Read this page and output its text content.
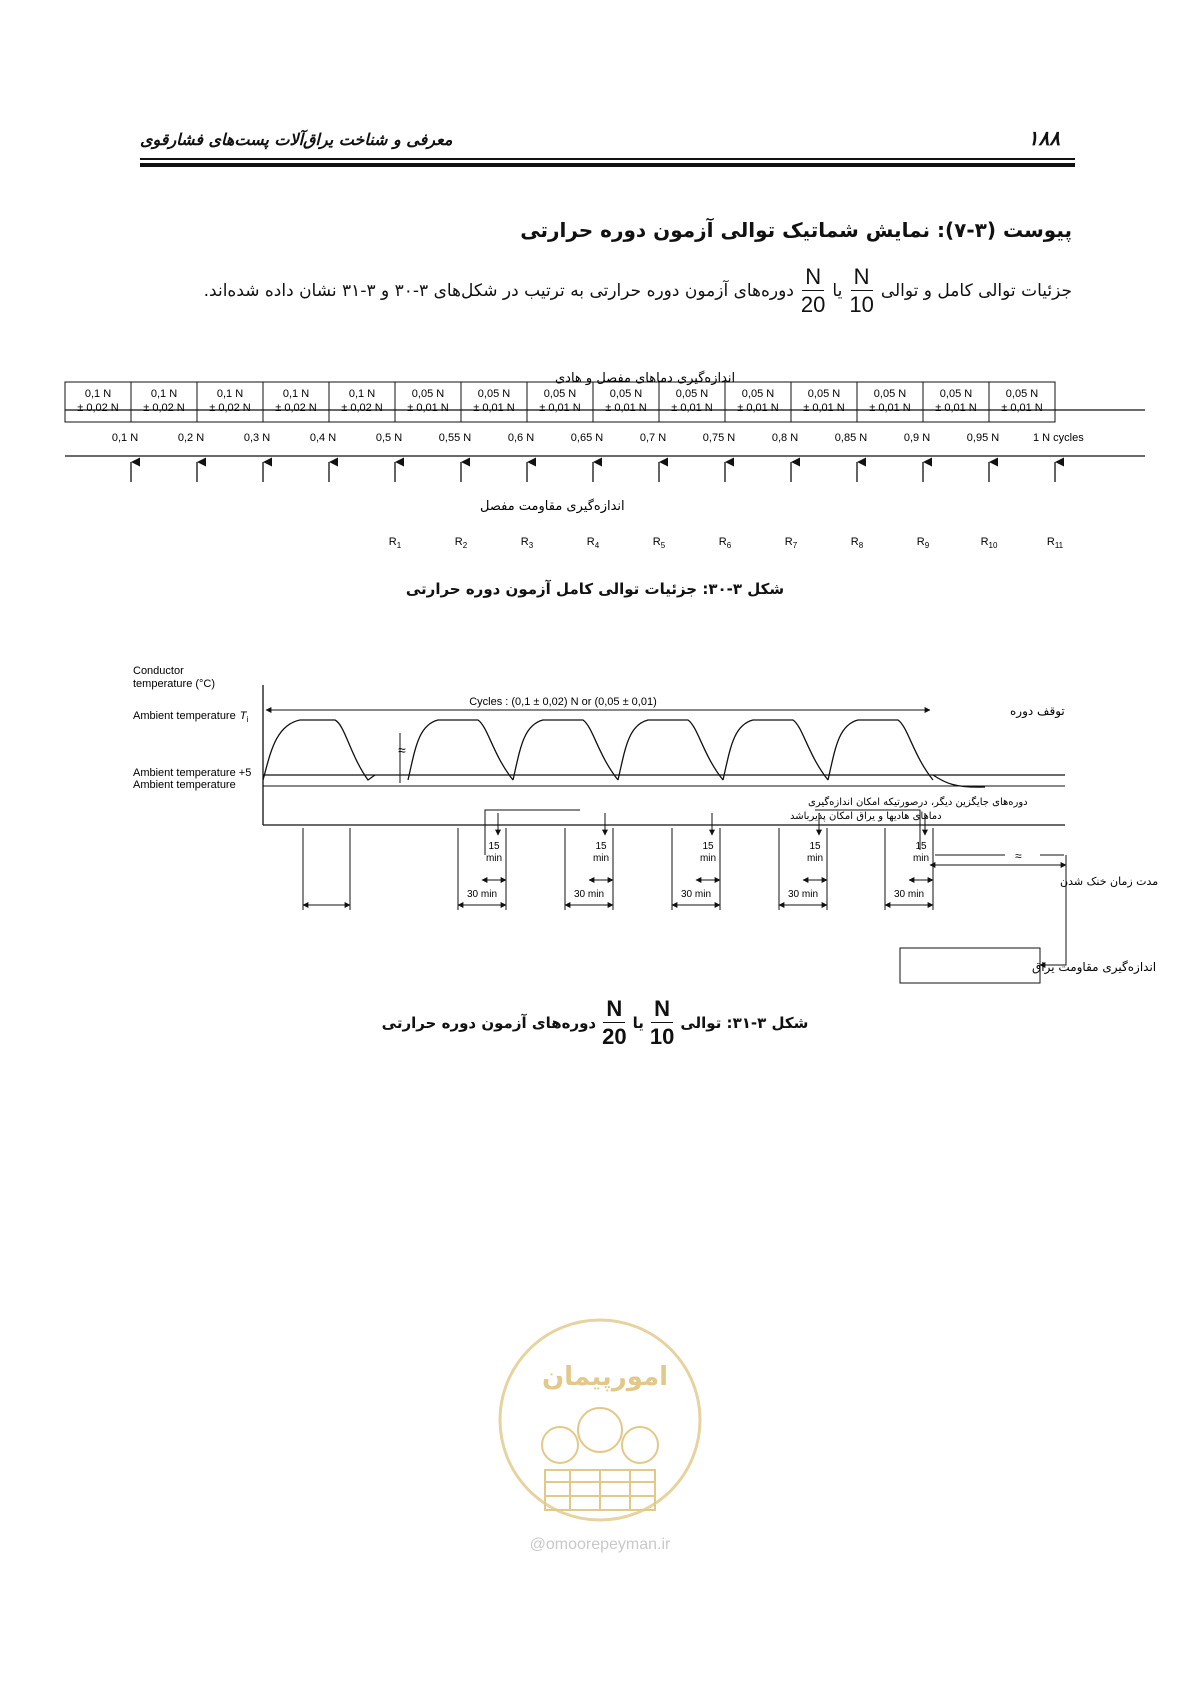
معرفی و شناخت یراق‌آلات پست‌های فشارقوی	۱۸۸
پیوست (۳-۷): نمایش شماتیک توالی آزمون دوره حرارتی
جزئیات توالی کامل و توالی
$\frac{N}{10}$
یا
$\frac{N}{20}$
دوره‌های آزمون دوره حرارتی به ترتیب در شکل‌های ۳-۳۰ و ۳-۳۱ نشان داده شده‌اند.
اندازه‌گیری دماهای مفصل و هادی
0,1 N
± 0,02 N
0,1 N
± 0,02 N
0,1 N
± 0,02 N
0,1 N
± 0,02 N
0,1 N
± 0,02 N
0,05 N
± 0,01 N
0,05 N
± 0,01 N
0,05 N
± 0,01 N
0,05 N
± 0,01 N
0,05 N
± 0,01 N
0,05 N
± 0,01 N
0,05 N
± 0,01 N
0,05 N
± 0,01 N
0,05 N
± 0,01 N
0,05 N
± 0,01 N
0,1 N	0,2 N	0,3 N	0,4 N	0,5 N	0,55 N	0,6 N	0,65 N	0,7 N	0,75 N	0,8 N	0,85 N	0,9 N	0,95 N	1 N cycles
اندازه‌گیری مقاومت مفصل
$R_1$	$R_2$	$R_3$	$R_4$	$R_5$	$R_6$	$R_7$	$R_8$	$R_9$	$R_{10}$	$R_{11}$
شکل ۳-۳۰: جزئیات توالی کامل آزمون دوره حرارتی
Conductor
temperature (°C)
Ambient temperature $T_i$
Ambient temperature +5
Ambient temperature
Cycles : (0,1 ± 0,02) N or (0,05 ± 0,01)
توقف دوره
≈
دوره‌های جایگزین دیگر، درصورتیکه امکان اندازه‌گیری
دماهای هادیها و یراق امکان پذیرباشد
15
min
30 min
15
min
30 min
15
min
30 min
15
min
30 min
15
min
30 min
≈
مدت زمان خنک شدن
اندازه‌گیری مقاومت یراق
شکل ۳-۳۱: توالی
$\frac{N}{10}$
یا
$\frac{N}{20}$
دوره‌های آزمون دوره حرارتی
امورپیمان
@omoorepeyman.ir
